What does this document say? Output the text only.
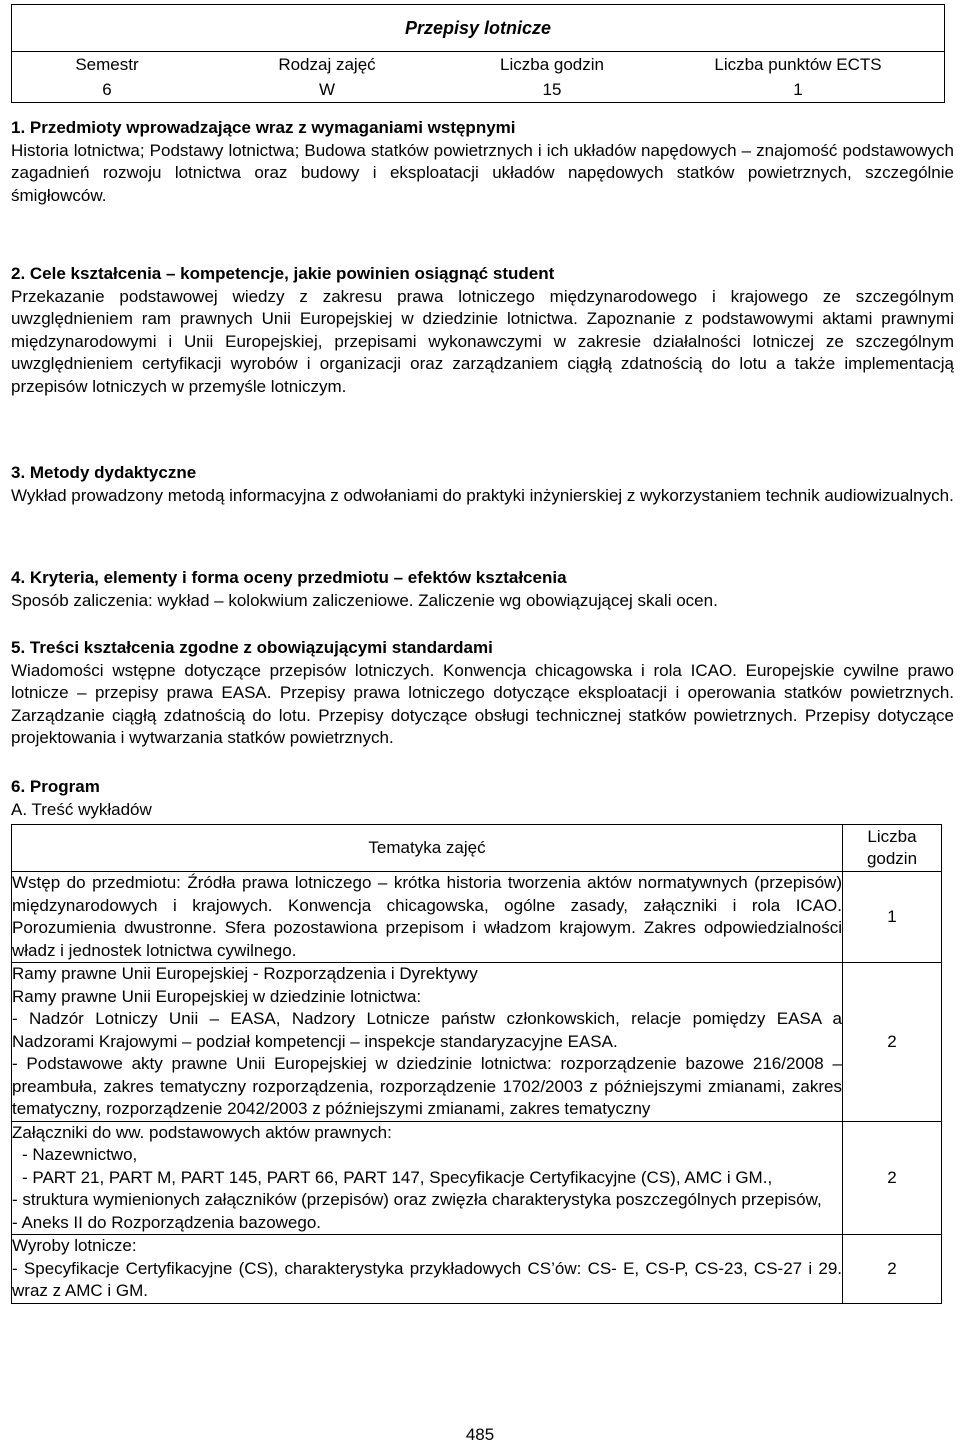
Przepisy lotnicze
Semestr	Rodzaj zajęć	Liczba godzin	Liczba punktów ECTS
6	W	15	1
1. Przedmioty wprowadzające wraz z wymaganiami wstępnymi

Historia lotnictwa; Podstawy lotnictwa; Budowa statków powietrznych i ich układów napędowych – znajomość podstawowych zagadnień rozwoju lotnictwa oraz budowy i eksploatacji układów napędowych statków powietrznych, szczególnie śmigłowców.

2. Cele kształcenia – kompetencje, jakie powinien osiągnąć student

Przekazanie podstawowej wiedzy z zakresu prawa lotniczego międzynarodowego i krajowego ze szczególnym uwzględnieniem ram prawnych Unii Europejskiej w dziedzinie lotnictwa. Zapoznanie z podstawowymi aktami prawnymi międzynarodowymi i Unii Europejskiej, przepisami wykonawczymi w zakresie działalności lotniczej ze szczególnym uwzględnieniem certyfikacji wyrobów i organizacji oraz zarządzaniem ciągłą zdatnością do lotu a także implementacją przepisów lotniczych w przemyśle lotniczym.

3. Metody dydaktyczne

Wykład prowadzony metodą informacyjna z odwołaniami do praktyki inżynierskiej z wykorzystaniem technik audiowizualnych.

4. Kryteria, elementy i forma oceny przedmiotu – efektów kształcenia

Sposób zaliczenia: wykład – kolokwium zaliczeniowe. Zaliczenie wg obowiązującej skali ocen.

5. Treści kształcenia zgodne z obowiązującymi standardami

Wiadomości wstępne dotyczące przepisów lotniczych. Konwencja chicagowska i rola ICAO. Europejskie cywilne prawo lotnicze – przepisy prawa EASA. Przepisy prawa lotniczego dotyczące eksploatacji i operowania statków powietrznych. Zarządzanie ciągłą zdatnością do lotu. Przepisy dotyczące obsługi technicznej statków powietrznych. Przepisy dotyczące projektowania i wytwarzania statków powietrznych.

6. Program
A. Treść wykładów
Tematyka zajęć	Liczba
godzin

Wstęp do przedmiotu: Źródła prawa lotniczego – krótka historia tworzenia aktów normatywnych (przepisów) międzynarodowych i krajowych. Konwencja chicagowska, ogólne zasady, załączniki i rola ICAO. Porozumienia dwustronne. Sfera pozostawiona przepisom i władzom krajowym. Zakres odpowiedzialności władz i jednostek lotnictwa cywilnego.	1

Ramy prawne Unii Europejskiej - Rozporządzenia i Dyrektywy
Ramy prawne Unii Europejskiej w dziedzinie lotnictwa:
- Nadzór Lotniczy Unii – EASA, Nadzory Lotnicze państw członkowskich, relacje pomiędzy EASA a Nadzorami Krajowymi – podział kompetencji – inspekcje standaryzacyjne EASA.
- Podstawowe akty prawne Unii Europejskiej w dziedzinie lotnictwa: rozporządzenie bazowe 216/2008 – preambuła, zakres tematyczny rozporządzenia, rozporządzenie 1702/2003 z późniejszymi zmianami, zakres tematyczny, rozporządzenie 2042/2003 z późniejszymi zmianami, zakres tematyczny	2

Załączniki do ww. podstawowych aktów prawnych:
- Nazewnictwo,
- PART 21, PART M, PART 145, PART 66, PART 147, Specyfikacje Certyfikacyjne (CS), AMC i GM.,
- struktura wymienionych załączników (przepisów) oraz zwięzła charakterystyka poszczególnych przepisów,
- Aneks II do Rozporządzenia bazowego.	2

Wyroby lotnicze:
- Specyfikacje Certyfikacyjne (CS), charakterystyka przykładowych CS’ów: CS- E, CS-P, CS-23, CS-27 i 29. wraz z AMC i GM.	2
485
